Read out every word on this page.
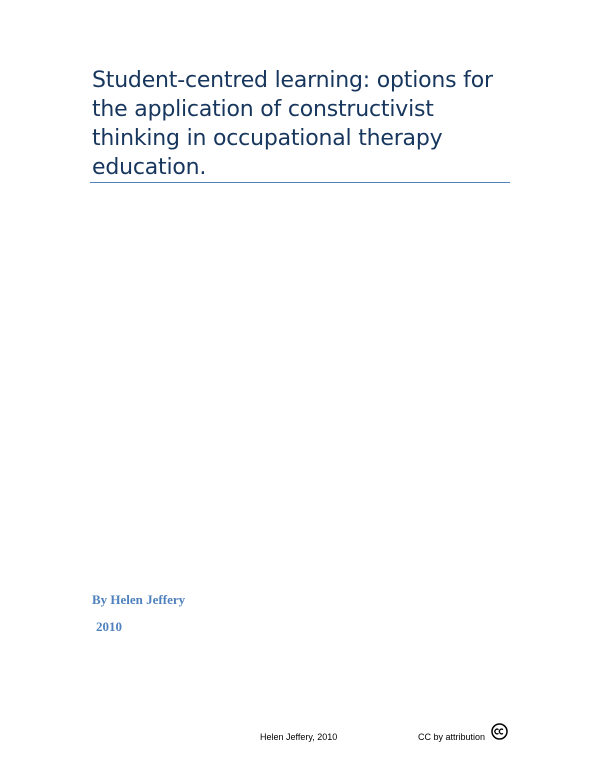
Student-centred learning: options for
the application of constructivist
thinking in occupational therapy
education.
By Helen Jeffery
2010
Helen Jeffery, 2010	CC by attribution
